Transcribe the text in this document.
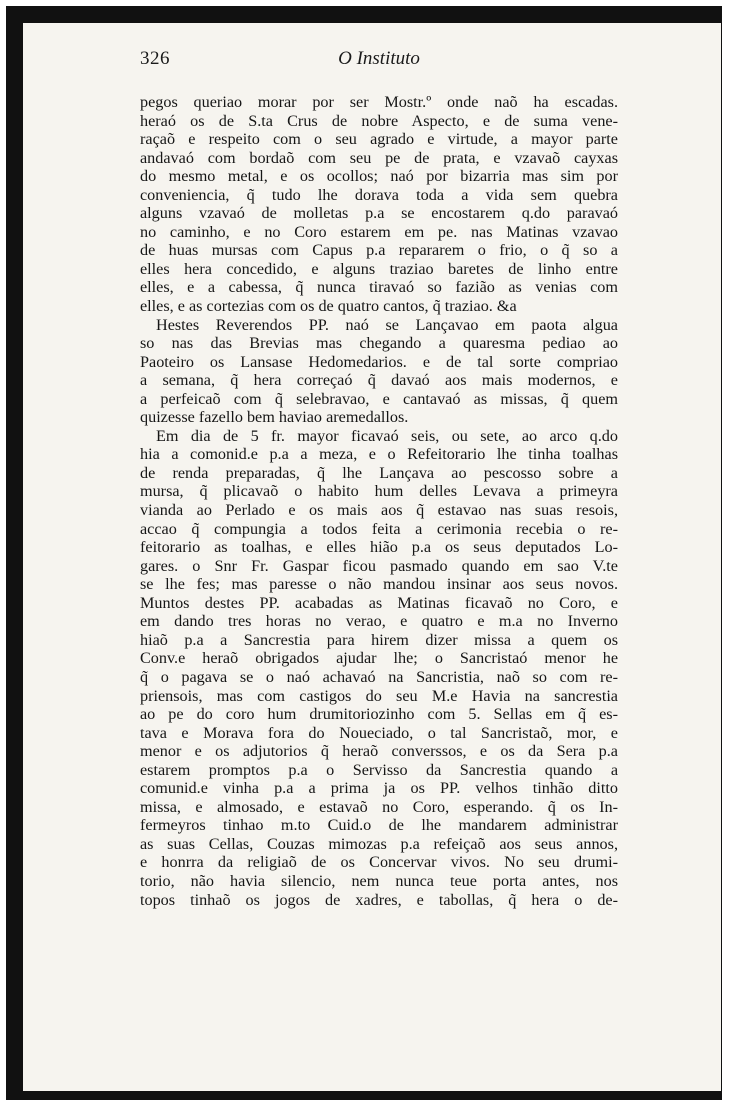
326	O Instituto
pegos queriao morar por ser Mostr.º onde naõ ha escadas.
heraó os de S.ta Crus de nobre Aspecto, e de suma vene-
raçaõ e respeito com o seu agrado e virtude, a mayor parte
andavaó com bordaõ com seu pe de prata, e vzavaõ cayxas
do mesmo metal, e os ocollos; naó por bizarria mas sim por
conveniencia, q̃ tudo lhe dorava toda a vida sem quebra
alguns vzavaó de molletas p.a se encostarem q.do paravaó
no caminho, e no Coro estarem em pe. nas Matinas vzavao
de huas mursas com Capus p.a repararem o frio, o q̃ so a
elles hera concedido, e alguns traziao baretes de linho entre
elles, e a cabessa, q̃ nunca tiravaó so fazião as venias com
elles, e as cortezias com os de quatro cantos, q̃ traziao. &a
Hestes Reverendos PP. naó se Lançavao em paota algua
so nas das Brevias mas chegando a quaresma pediao ao
Paoteiro os Lansase Hedomedarios. e de tal sorte compriao
a semana, q̃ hera correçaó q̃ davaó aos mais modernos, e
a perfeicaõ com q̃ selebravao, e cantavaó as missas, q̃ quem
quizesse fazello bem haviao aremedallos.
Em dia de 5 fr. mayor ficavaó seis, ou sete, ao arco q.do
hia a comonid.e p.a a meza, e o Refeitorario lhe tinha toalhas
de renda preparadas, q̃ lhe Lançava ao pescosso sobre a
mursa, q̃ plicavaõ o habito hum delles Levava a primeyra
vianda ao Perlado e os mais aos q̃ estavao nas suas resois,
accao q̃ compungia a todos feita a cerimonia recebia o re-
feitorario as toalhas, e elles hião p.a os seus deputados Lo-
gares. o Snr Fr. Gaspar ficou pasmado quando em sao V.te
se lhe fes; mas paresse o não mandou insinar aos seus novos.
Muntos destes PP. acabadas as Matinas ficavaõ no Coro, e
em dando tres horas no verao, e quatro e m.a no Inverno
hiaõ p.a a Sancrestia para hirem dizer missa a quem os
Conv.e heraõ obrigados ajudar lhe; o Sancristaó menor he
q̃ o pagava se o naó achavaó na Sancristia, naõ so com re-
priensois, mas com castigos do seu M.e Havia na sancrestia
ao pe do coro hum drumitoriozinho com 5. Sellas em q̃ es-
tava e Morava fora do Noueciado, o tal Sancristaõ, mor, e
menor e os adjutorios q̃ heraõ converssos, e os da Sera p.a
estarem promptos p.a o Servisso da Sancrestia quando a
comunid.e vinha p.a a prima ja os PP. velhos tinhão ditto
missa, e almosado, e estavaõ no Coro, esperando. q̃ os In-
fermeyros tinhao m.to Cuid.o de lhe mandarem administrar
as suas Cellas, Couzas mimozas p.a refeiçaõ aos seus annos,
e honrra da religiaõ de os Concervar vivos. No seu drumi-
torio, não havia silencio, nem nunca teue porta antes, nos
topos tinhaõ os jogos de xadres, e tabollas, q̃ hera o de-
